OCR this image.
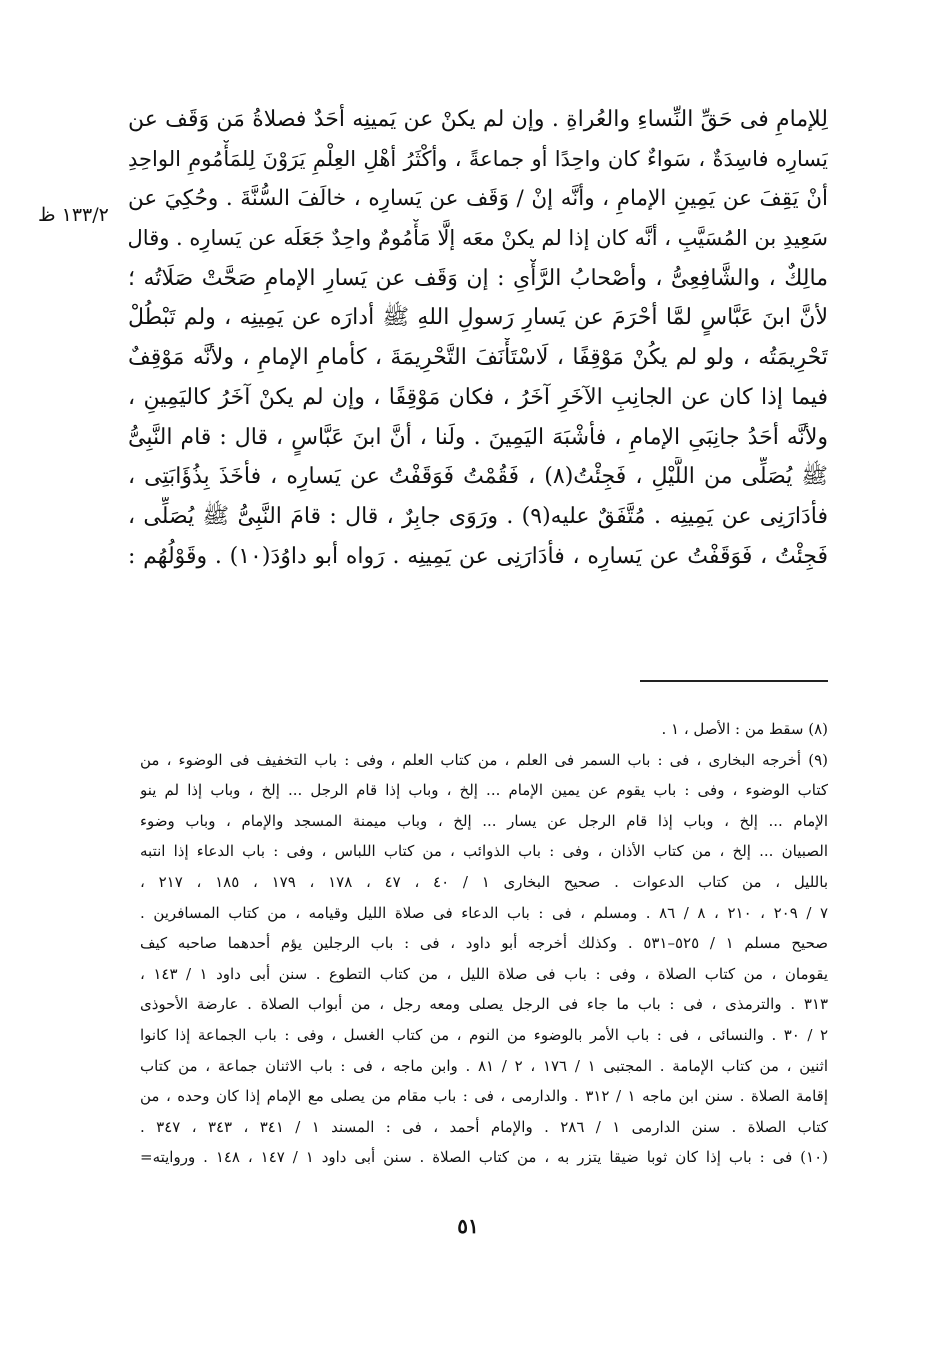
لِلإمامِ فى حَقِّ النِّساءِ والعُراةِ . وإن لم يكنْ عن يَمينِه أحَدٌ فصلاةُ مَن وَقَف عن
يَسارِه فاسِدَةٌ ، سَواءٌ كان واحِدًا أو جماعةً ، وأكْثَرُ أهْلِ العِلْمِ يَرَوْنَ لِلمَأْمُومِ الواحِدِ
أنْ يَقِفَ عن يَمِينِ الإمامِ ، وأنَّه إنْ / وَقَف عن يَسارِه ، خالَفَ السُّنَّةَ . وحُكِيَ عن
سَعِيدِ بن المُسَيَّبِ ، أنَّه كان إذا لم يكنْ معَه إلَّا مَأْمُومٌ واحِدٌ جَعَلَه عن يَسارِه . وقال
مالِكٌ ، والشَّافِعِىُّ ، وأصْحابُ الرَّأْىِ : إن وَقَف عن يَسارِ الإمامِ صَحَّتْ صَلَاتُه ؛
لأنَّ ابنَ عَبَّاسٍ لمَّا أحْرَمَ عن يَسارِ رَسولِ اللهِ ﷺ أدارَه عن يَمِينِه ، ولم تَبْطُلْ
تَحْرِيمَتُه ، ولو لم يكُنْ مَوْقِفًا ، لَاسْتَأْنَفَ التَّحْرِيمَةَ ، كأمامِ الإمامِ ، ولأنَّه مَوْقِفٌ
فيما إذا كان عن الجانِبِ الآخَرِ آخَرُ ، فكان مَوْقِفًا ، وإن لم يكنْ آخَرُ كاليَمِينِ ،
ولأنَّه أحَدُ جانِبَىِ الإمامِ ، فأشْبَهَ اليَمِينَ . ولَنا ، أنَّ ابنَ عَبَّاسٍ ، قال : قام النَّبِىُّ
ﷺ يُصَلِّى من اللَّيْلِ ، فَجِئْتُ(٨) ، فَقُمْتُ فَوَقَفْتُ عن يَسارِه ، فأخَذَ بِذُؤَابَتِى ،
فأدَارَنِى عن يَمِينِه . مُتَّفَقٌ عليه(٩) . ورَوَى جابِرٌ ، قال : قامَ النَّبِىُّ ﷺ يُصَلِّى ،
فَجِئْتُ ، فَوَقَفْتُ عن يَسارِه ، فأدَارَنِى عن يَمِينِه . رَواه أبو داوُدَ(١٠) . وقَوْلُهُم :
١٣٣/٢ ظ
(٨) سقط من : الأصل ، ١ .
(٩) أخرجه البخارى ، فى : باب السمر فى العلم ، من كتاب العلم ، وفى : باب التخفيف فى الوضوء ، من
كتاب الوضوء ، وفى : باب يقوم عن يمين الإمام ... إلخ ، وباب إذا قام الرجل ... إلخ ، وباب إذا لم ينو
الإمام ... إلخ ، وباب إذا قام الرجل عن يسار ... إلخ ، وباب ميمنة المسجد والإمام ، وباب وضوء
الصبيان ... إلخ ، من كتاب الأذان ، وفى : باب الذوائب ، من كتاب اللباس ، وفى : باب الدعاء إذا انتبه
بالليل ، من كتاب الدعوات . صحيح البخارى ١ / ٤٠ ، ٤٧ ، ١٧٨ ، ١٧٩ ، ١٨٥ ، ٢١٧ ،
٧ / ٢٠٩ ، ٢١٠ ، ٨ / ٨٦ . ومسلم ، فى : باب الدعاء فى صلاة الليل وقيامه ، من كتاب المسافرين .
صحيح مسلم ١ / ٥٢٥–٥٣١ . وكذلك أخرجه أبو داود ، فى : باب الرجلين يؤم أحدهما صاحبه كيف
يقومان ، من كتاب الصلاة ، وفى : باب فى صلاة الليل ، من كتاب التطوع . سنن أبى داود ١ / ١٤٣ ،
٣١٣ . والترمذى ، فى : باب ما جاء فى الرجل يصلى ومعه رجل ، من أبواب الصلاة . عارضة الأحوذى
٢ / ٣٠ . والنسائى ، فى : باب الأمر بالوضوء من النوم ، من كتاب الغسل ، وفى : باب الجماعة إذا كانوا
اثنين ، من كتاب الإمامة . المجتبى ١ / ١٧٦ ، ٢ / ٨١ . وابن ماجه ، فى : باب الاثنان جماعة ، من كتاب
إقامة الصلاة . سنن ابن ماجه ١ / ٣١٢ . والدارمى ، فى : باب مقام من يصلى مع الإمام إذا كان وحده ، من
كتاب الصلاة . سنن الدارمى ١ / ٢٨٦ . والإمام أحمد ، فى : المسند ١ / ٣٤١ ، ٣٤٣ ، ٣٤٧ .
(١٠) فى : باب إذا كان ثوبا ضيقا يتزر به ، من كتاب الصلاة . سنن أبى داود ١ / ١٤٧ ، ١٤٨ . وروايته=
٥١
